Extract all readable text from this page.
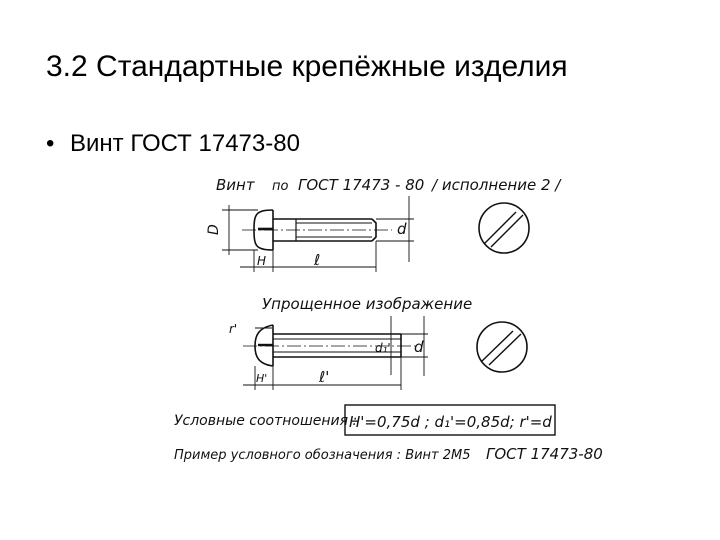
3.2 Стандартные крепёжные изделия
• Винт ГОСТ 17473-80
Винт по ГОСТ 17473 - 80 / исполнение 2 /
D	d
H	ℓ
Упрощенное изображение
r'
d₁' d
H'	ℓ'
Условные соотношения :
H'=0,75d ; d₁'=0,85d; r'=d
Пример условного обозначения : Винт 2М5 ГОСТ 17473-80
